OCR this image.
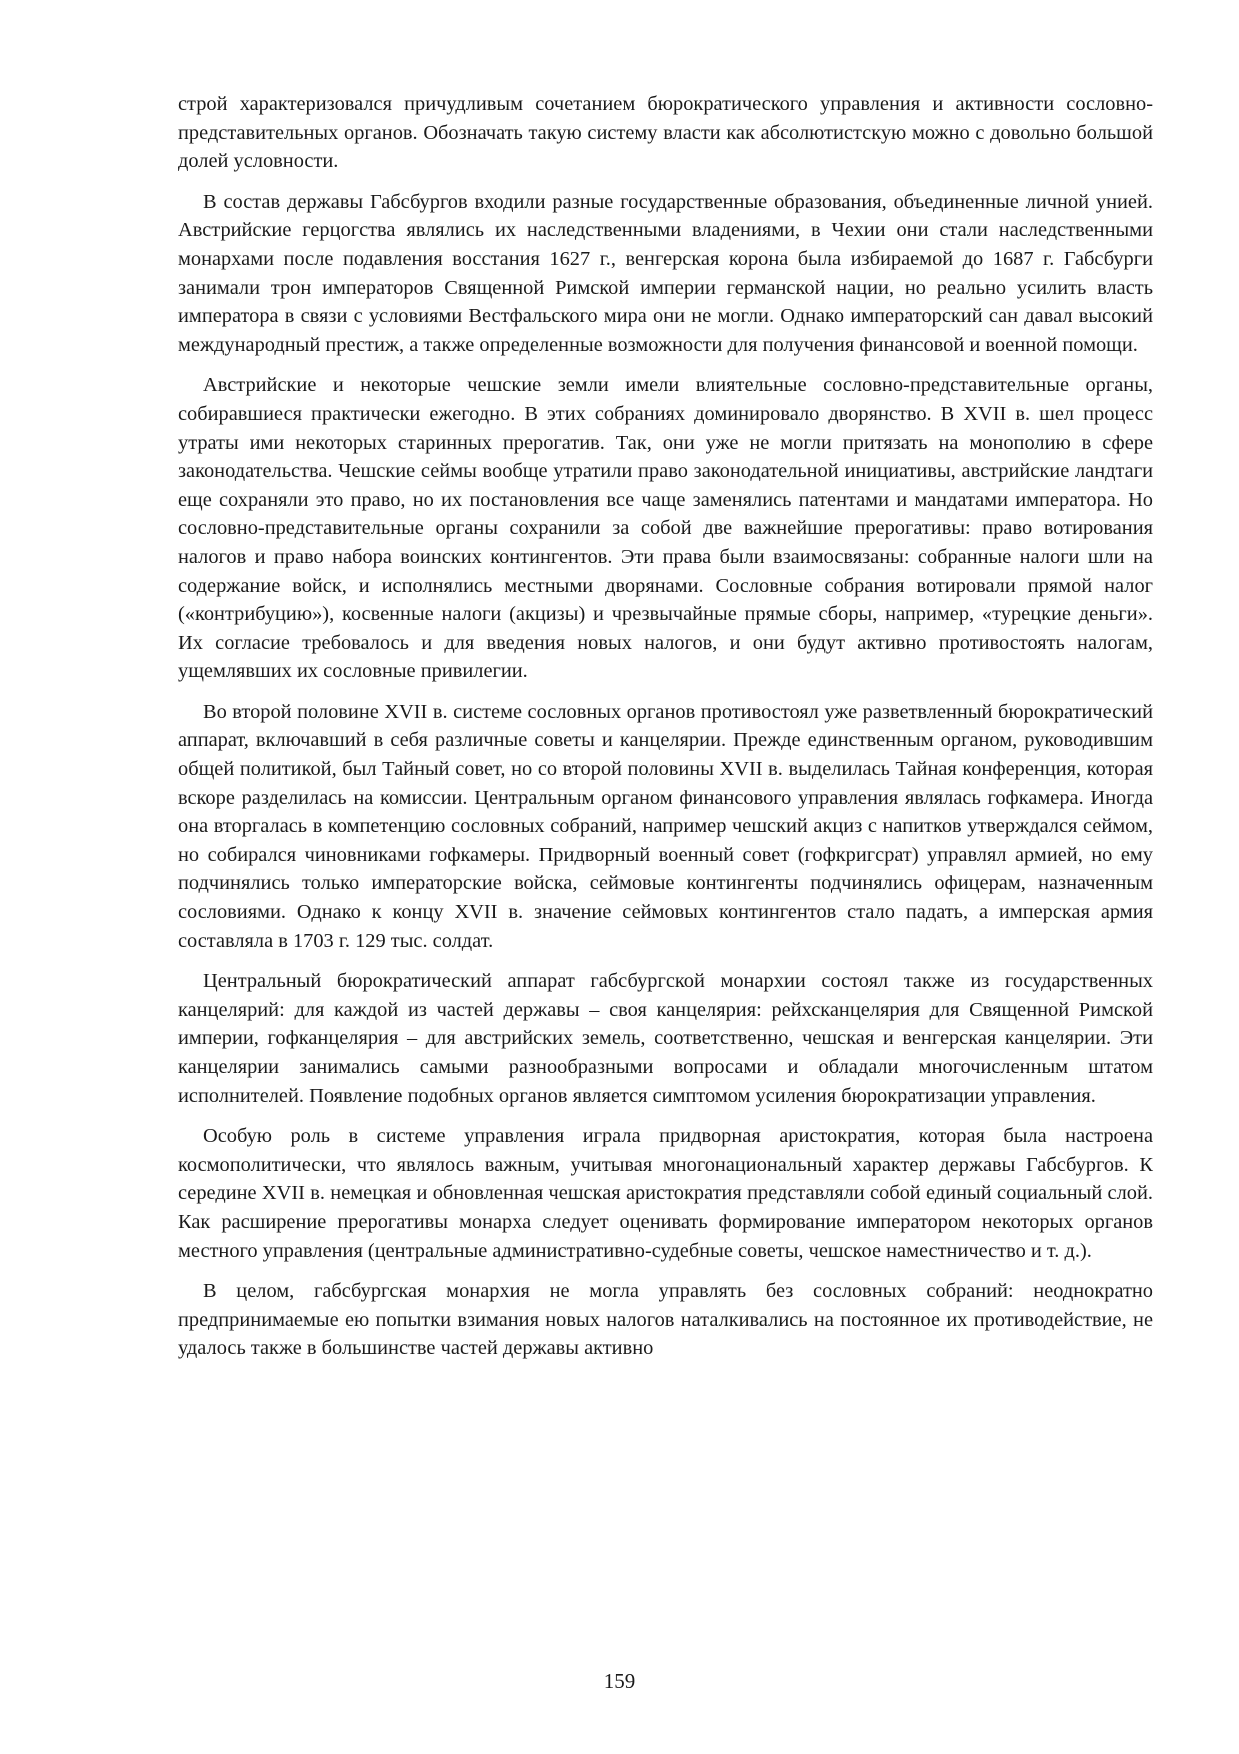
строй характеризовался причудливым сочетанием бюрократического управления и активности сословно-представительных органов. Обозначать такую систему власти как абсолютистскую можно с довольно большой долей условности.

В состав державы Габсбургов входили разные государственные образования, объединенные личной унией. Австрийские герцогства являлись их наследственными владениями, в Чехии они стали наследственными монархами после подавления восстания 1627 г., венгерская корона была избираемой до 1687 г. Габсбурги занимали трон императоров Священной Римской империи германской нации, но реально усилить власть императора в связи с условиями Вестфальского мира они не могли. Однако императорский сан давал высокий международный престиж, а также определенные возможности для получения финансовой и военной помощи.

Австрийские и некоторые чешские земли имели влиятельные сословно-представительные органы, собиравшиеся практически ежегодно. В этих собраниях доминировало дворянство. В XVII в. шел процесс утраты ими некоторых старинных прерогатив. Так, они уже не могли притязать на монополию в сфере законодательства. Чешские сеймы вообще утратили право законодательной инициативы, австрийские ландтаги еще сохраняли это право, но их постановления все чаще заменялись патентами и мандатами императора. Но сословно-представительные органы сохранили за собой две важнейшие прерогативы: право вотирования налогов и право набора воинских контингентов. Эти права были взаимосвязаны: собранные налоги шли на содержание войск, и исполнялись местными дворянами. Сословные собрания вотировали прямой налог («контрибуцию»), косвенные налоги (акцизы) и чрезвычайные прямые сборы, например, «турецкие деньги». Их согласие требовалось и для введения новых налогов, и они будут активно противостоять налогам, ущемлявших их сословные привилегии.

Во второй половине XVII в. системе сословных органов противостоял уже разветвленный бюрократический аппарат, включавший в себя различные советы и канцелярии. Прежде единственным органом, руководившим общей политикой, был Тайный совет, но со второй половины XVII в. выделилась Тайная конференция, которая вскоре разделилась на комиссии. Центральным органом финансового управления являлась гофкамера. Иногда она вторгалась в компетенцию сословных собраний, например чешский акциз с напитков утверждался сеймом, но собирался чиновниками гофкамеры. Придворный военный совет (гофкригсрат) управлял армией, но ему подчинялись только императорские войска, сеймовые контингенты подчинялись офицерам, назначенным сословиями. Однако к концу XVII в. значение сеймовых контингентов стало падать, а имперская армия составляла в 1703 г. 129 тыс. солдат.

Центральный бюрократический аппарат габсбургской монархии состоял также из государственных канцелярий: для каждой из частей державы – своя канцелярия: рейхсканцелярия для Священной Римской империи, гофканцелярия – для австрийских земель, соответственно, чешская и венгерская канцелярии. Эти канцелярии занимались самыми разнообразными вопросами и обладали многочисленным штатом исполнителей. Появление подобных органов является симптомом усиления бюрократизации управления.

Особую роль в системе управления играла придворная аристократия, которая была настроена космополитически, что являлось важным, учитывая многонациональный характер державы Габсбургов. К середине XVII в. немецкая и обновленная чешская аристократия представляли собой единый социальный слой. Как расширение прерогативы монарха следует оценивать формирование императором некоторых органов местного управления (центральные административно-судебные советы, чешское наместничество и т. д.).

В целом, габсбургская монархия не могла управлять без сословных собраний: неоднократно предпринимаемые ею попытки взимания новых налогов наталкивались на постоянное их противодействие, не удалось также в большинстве частей державы активно

159
